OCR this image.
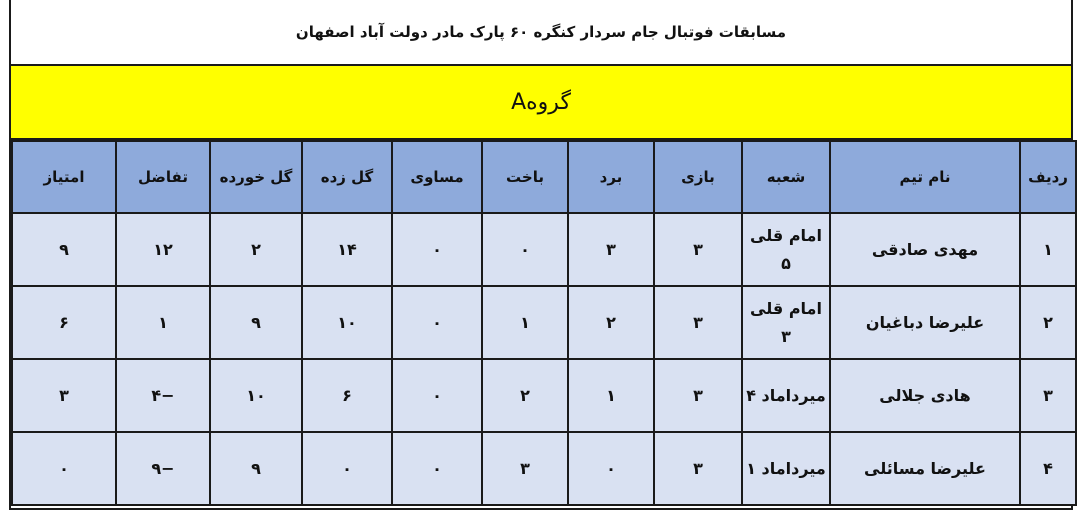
مسابقات فوتبال جام سردار کنگره ۶۰ پارک مادر دولت آباد اصفهان
گروهA
ردیف	نام تیم	شعبه	بازی	برد	باخت	مساوی	گل زده	گل خورده	تفاضل	امتیاز
۱	مهدی صادقی	امام قلی ۵	۳	۳	۰	۰	۱۴	۲	۱۲	۹
۲	علیرضا دباغیان	امام قلی ۳	۳	۲	۱	۰	۱۰	۹	۱	۶
۳	هادی جلالی	میرداماد ۴	۳	۱	۲	۰	۶	۱۰	−۴	۳
۴	علیرضا مسائلی	میرداماد ۱	۳	۰	۳	۰	۰	۹	−۹	۰
